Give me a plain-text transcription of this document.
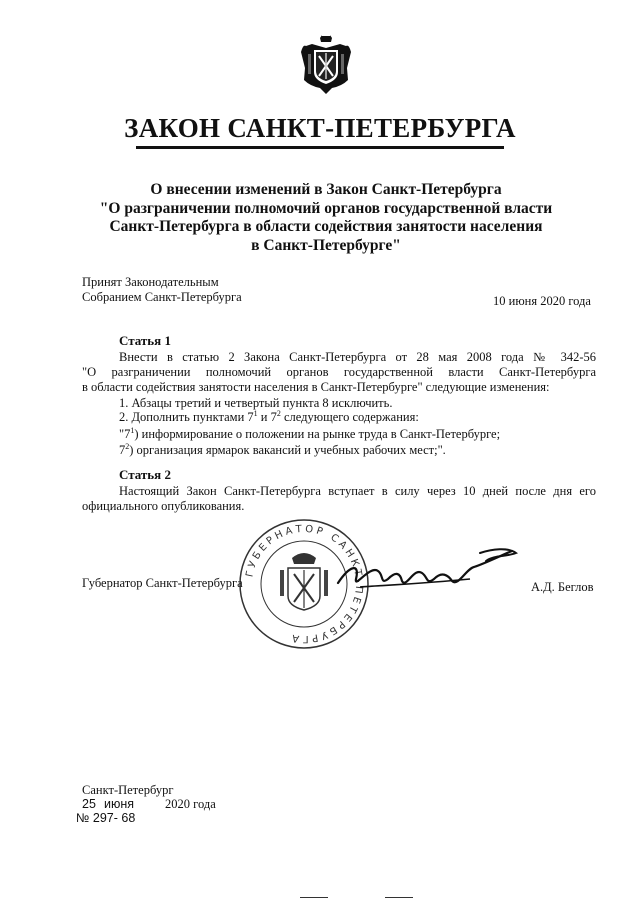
ЗАКОН САНКТ-ПЕТЕРБУРГА
О внесении изменений в Закон Санкт-Петербурга
"О разграничении полномочий органов государственной власти
Санкт-Петербурга в области содействия занятости населения
в Санкт-Петербурге"
Принят Законодательным
Собранием Санкт-Петербурга	10 июня 2020 года
Статья 1
Внести в статью 2 Закона Санкт-Петербурга от 28 мая 2008 года № 342-56
"О разграничении полномочий органов государственной власти Санкт-Петербурга
в области содействия занятости населения в Санкт-Петербурге" следующие изменения:
1. Абзацы третий и четвертый пункта 8 исключить.
2. Дополнить пунктами $7^1$ и $7^2$ следующего содержания:
"$7^1$) информирование о положении на рынке труда в Санкт-Петербурге;
$7^2$) организация ярмарок вакансий и учебных рабочих мест;".
Статья 2
Настоящий Закон Санкт-Петербурга вступает в силу через 10 дней после дня его
официального опубликования.
ГУБЕРНАТОР САНКТ-ПЕТЕРБУРГА
Губернатор Санкт-Петербурга	А.Д. Беглов
Санкт-Петербург
25 июня 2020 года
№ 297- 68
